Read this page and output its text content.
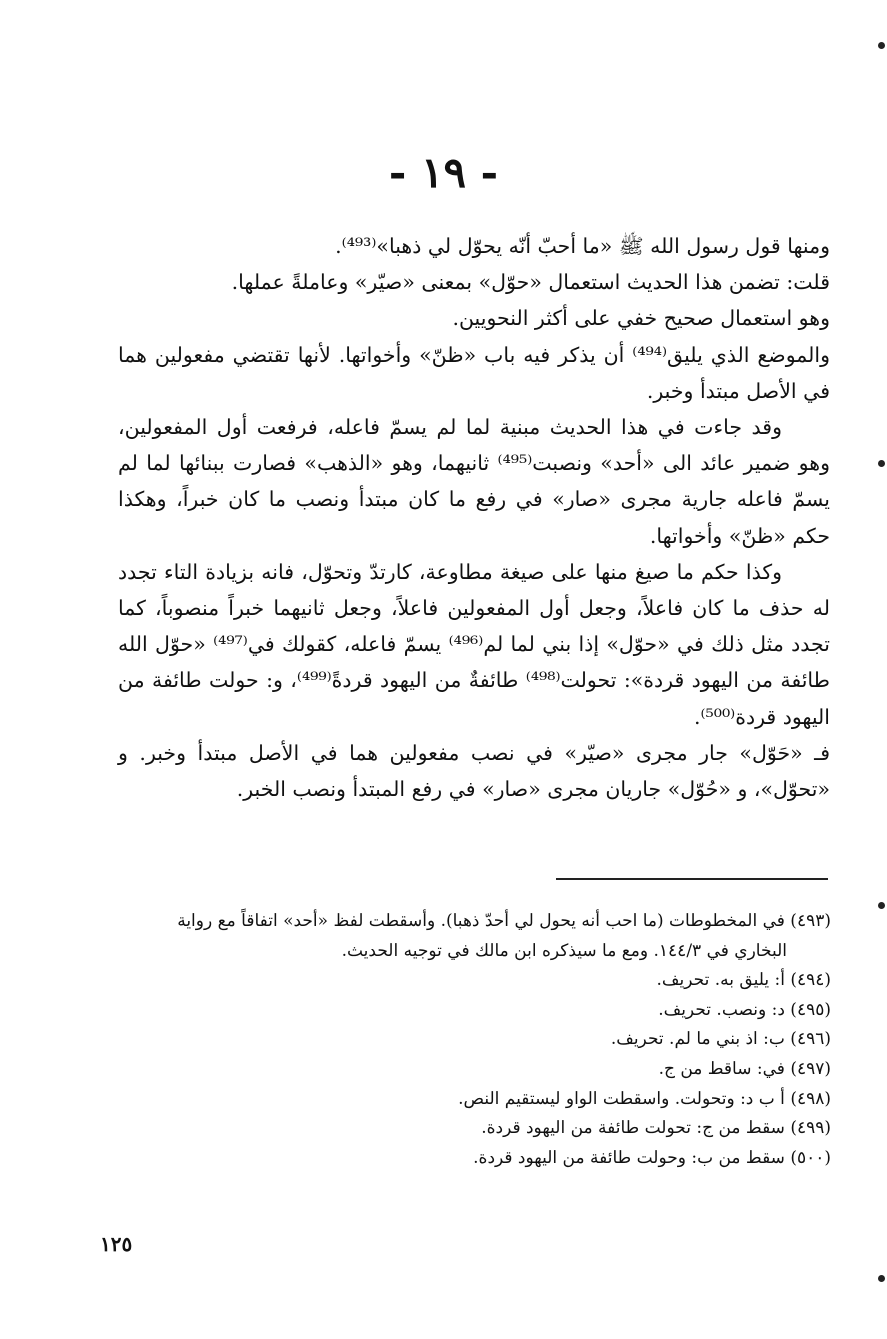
- ١٩ -

ومنها قول رسول الله ﷺ «ما أحبّ أنّه يحوّل لي ذهبا»⁽⁴⁹³⁾.

قلت: تضمن هذا الحديث استعمال «حوّل» بمعنى «صيّر» وعاملةً عملها.

وهو استعمال صحيح خفي على أكثر النحويين.

والموضع الذي يليق⁽⁴⁹⁴⁾ أن يذكر فيه باب «ظنّ» وأخواتها. لأنها تقتضي مفعولين هما في الأصل مبتدأ وخبر.

وقد جاءت في هذا الحديث مبنية لما لم يسمّ فاعله، فرفعت أول المفعولين، وهو ضمير عائد الى «أحد» ونصبت⁽⁴⁹⁵⁾ ثانيهما، وهو «الذهب» فصارت ببنائها لما لم يسمّ فاعله جارية مجرى «صار» في رفع ما كان مبتدأ ونصب ما كان خبراً، وهكذا حكم «ظنّ» وأخواتها.

وكذا حكم ما صيغ منها على صيغة مطاوعة، كارتدّ وتحوّل، فانه بزيادة التاء تجدد له حذف ما كان فاعلاً، وجعل أول المفعولين فاعلاً، وجعل ثانيهما خبراً منصوباً، كما تجدد مثل ذلك في «حوّل» إذا بني لما لم⁽⁴⁹⁶⁾ يسمّ فاعله، كقولك في⁽⁴⁹⁷⁾ «حوّل الله طائفة من اليهود قردة»: تحولت⁽⁴⁹⁸⁾ طائفةٌ من اليهود قردةً⁽⁴⁹⁹⁾، و: حولت طائفة من اليهود قردة⁽⁵⁰⁰⁾.

فـ «حَوّل» جار مجرى «صيّر» في نصب مفعولين هما في الأصل مبتدأ وخبر. و «تحوّل»، و «حُوّل» جاريان مجرى «صار» في رفع المبتدأ ونصب الخبر.

(٤٩٣) في المخطوطات (ما احب أنه يحول لي أحدّ ذهبا). وأسقطت لفظ «أحد» اتفاقاً مع رواية

البخاري في ١٤٤/٣. ومع ما سيذكره ابن مالك في توجيه الحديث.

(٤٩٤) أ: يليق به. تحريف.

(٤٩٥) د: ونصب. تحريف.

(٤٩٦) ب: اذ بني ما لم. تحريف.

(٤٩٧) في: ساقط من ج.

(٤٩٨) أ ب د: وتحولت. واسقطت الواو ليستقيم النص.

(٤٩٩) سقط من ج: تحولت طائفة من اليهود قردة.

(٥٠٠) سقط من ب: وحولت طائفة من اليهود قردة.

١٢٥
